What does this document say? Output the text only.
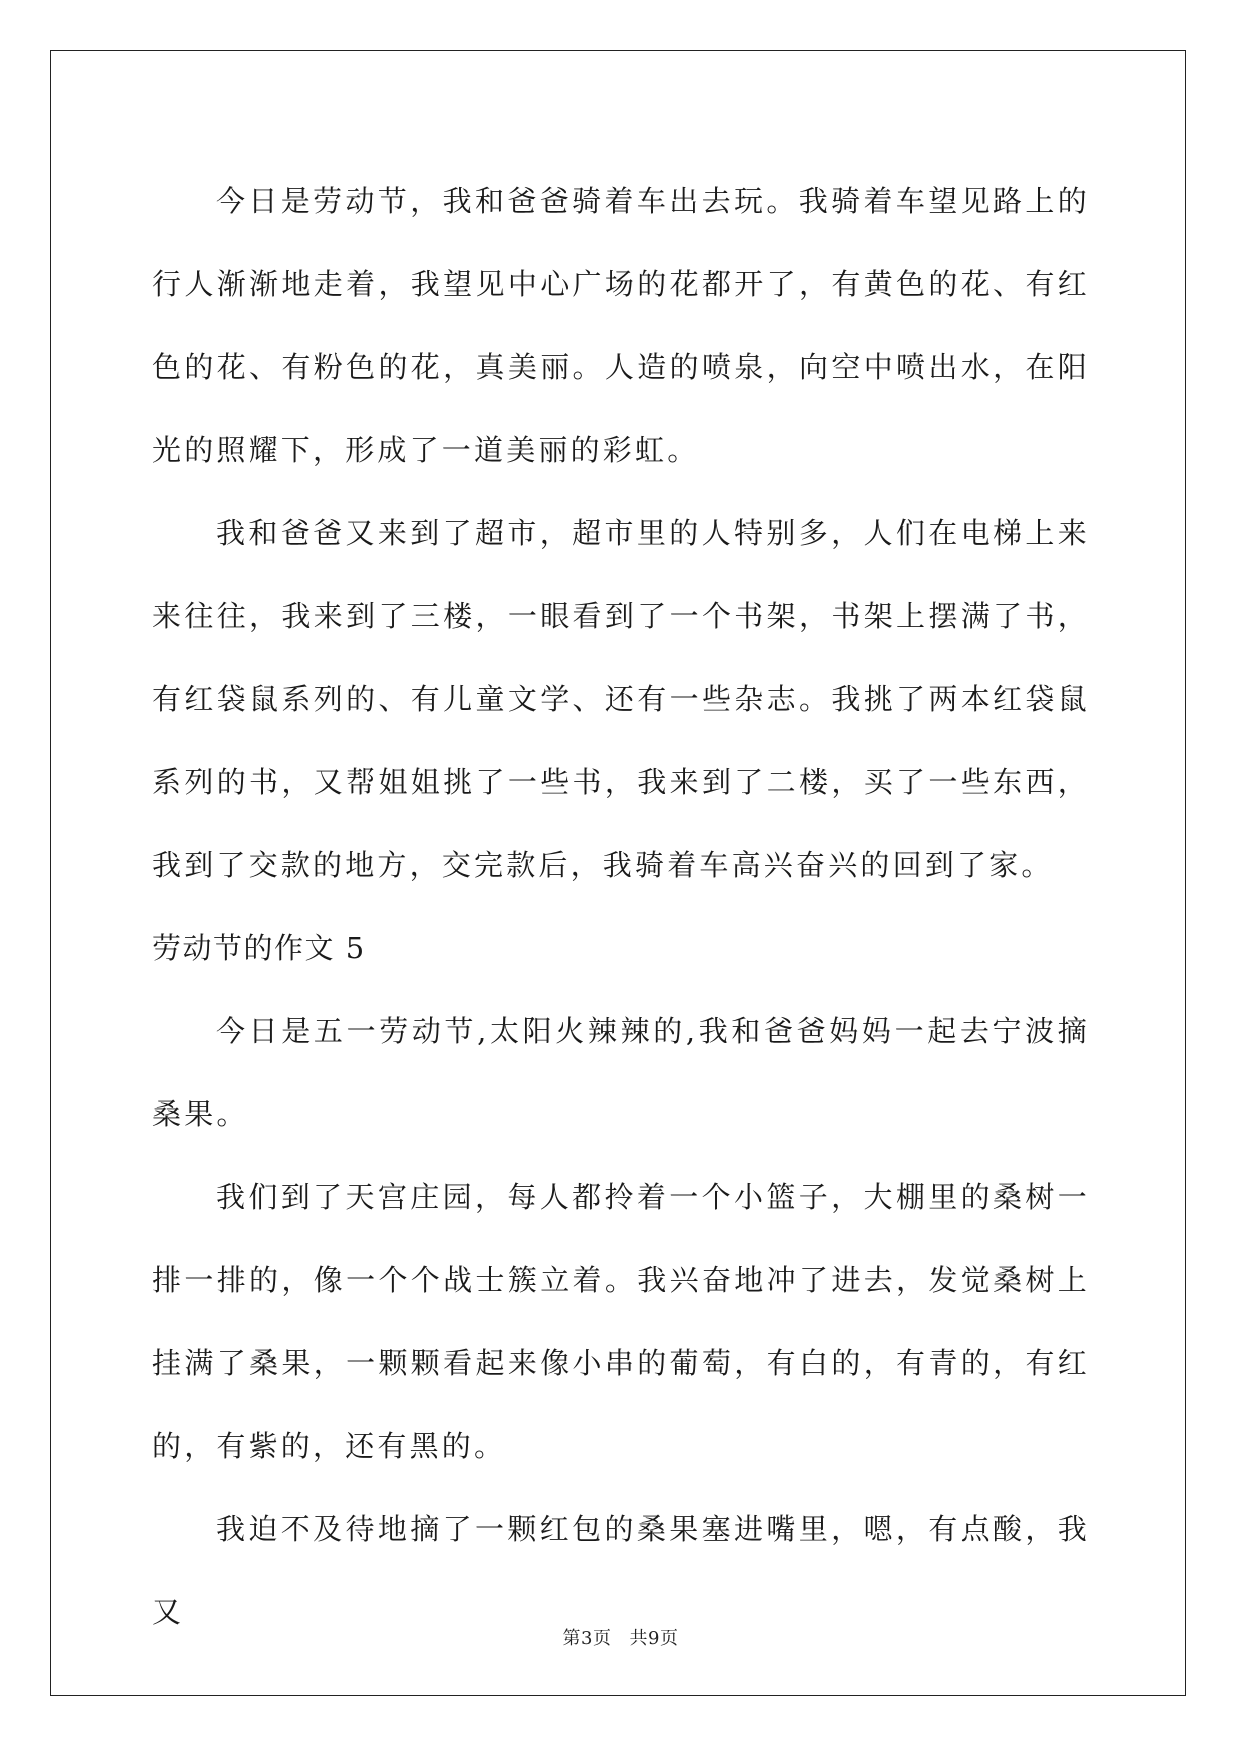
今日是劳动节，我和爸爸骑着车出去玩。我骑着车望见路上的行人渐渐地走着，我望见中心广场的花都开了，有黄色的花、有红色的花、有粉色的花，真美丽。人造的喷泉，向空中喷出水，在阳光的照耀下，形成了一道美丽的彩虹。

我和爸爸又来到了超市，超市里的人特别多，人们在电梯上来来往往，我来到了三楼，一眼看到了一个书架，书架上摆满了书，有红袋鼠系列的、有儿童文学、还有一些杂志。我挑了两本红袋鼠系列的书，又帮姐姐挑了一些书，我来到了二楼，买了一些东西，我到了交款的地方，交完款后，我骑着车高兴奋兴的回到了家。

劳动节的作文 5

今日是五一劳动节,太阳火辣辣的,我和爸爸妈妈一起去宁波摘桑果。

我们到了天宫庄园，每人都拎着一个小篮子，大棚里的桑树一排一排的，像一个个战士簇立着。我兴奋地冲了进去，发觉桑树上挂满了桑果，一颗颗看起来像小串的葡萄，有白的，有青的，有红的，有紫的，还有黑的。

我迫不及待地摘了一颗红包的桑果塞进嘴里，嗯，有点酸，我又

第3页 共9页
